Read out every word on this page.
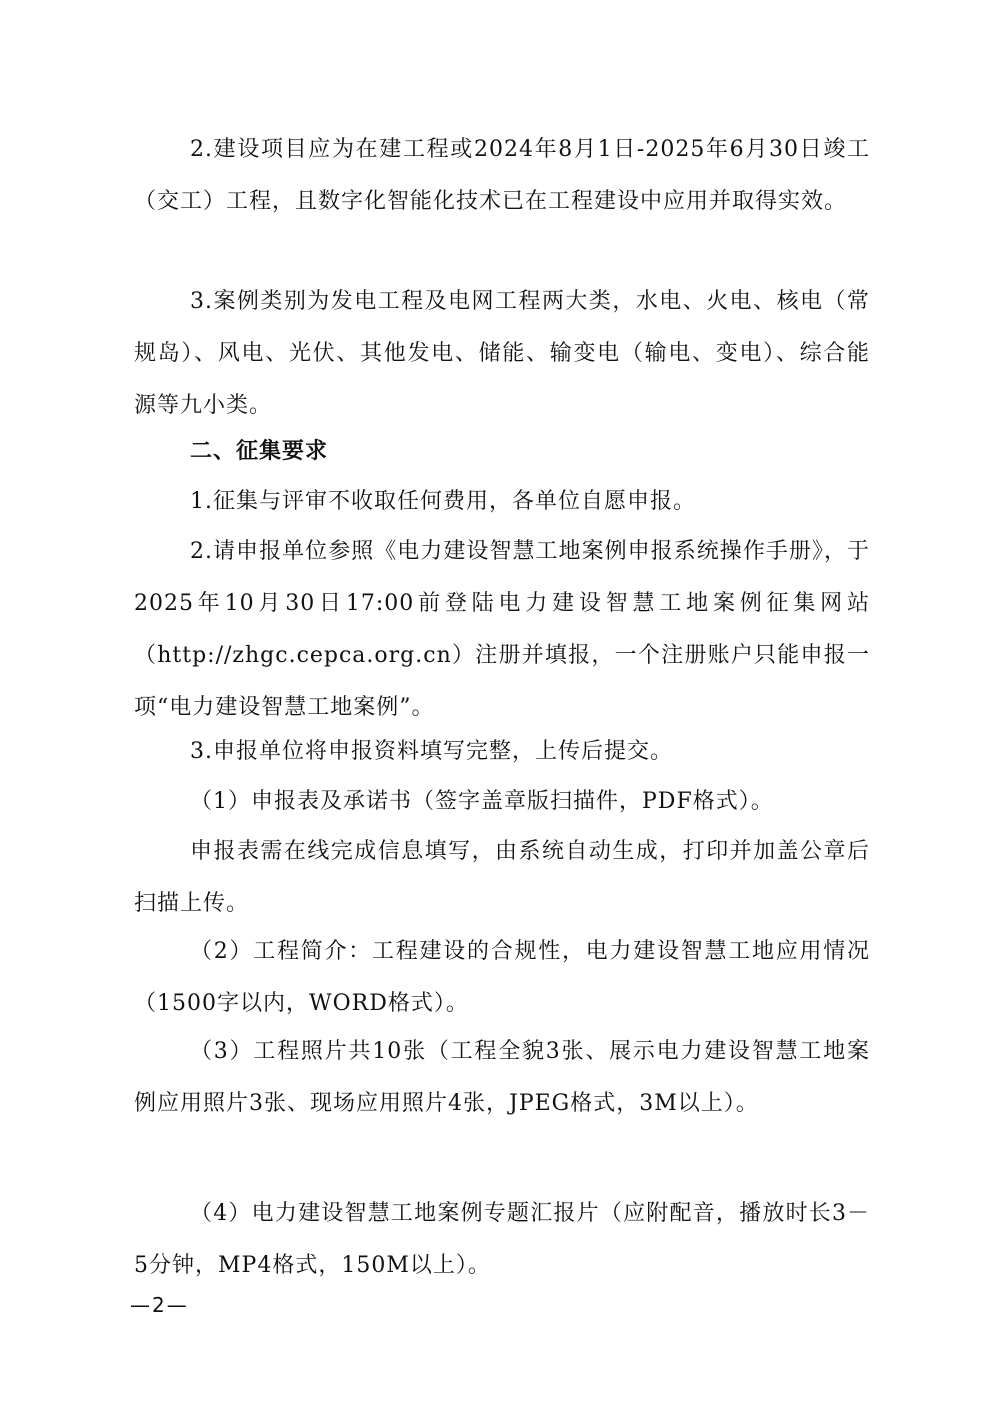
2.建设项目应为在建工程或2024年8月1日-2025年6月30日竣工（交工）工程，且数字化智能化技术已在工程建设中应用并取得实效。

3.案例类别为发电工程及电网工程两大类，水电、火电、核电（常规岛）、风电、光伏、其他发电、储能、输变电（输电、变电）、综合能源等九小类。

二、征集要求

1.征集与评审不收取任何费用，各单位自愿申报。

2.请申报单位参照《电力建设智慧工地案例申报系统操作手册》，于2025年10月30日17:00前登陆电力建设智慧工地案例征集网站（http://zhgc.cepca.org.cn）注册并填报，一个注册账户只能申报一项“电力建设智慧工地案例”。

3.申报单位将申报资料填写完整，上传后提交。

（1）申报表及承诺书（签字盖章版扫描件，PDF格式）。

申报表需在线完成信息填写，由系统自动生成，打印并加盖公章后扫描上传。

（2）工程简介：工程建设的合规性，电力建设智慧工地应用情况（1500字以内，WORD格式）。

（3）工程照片共10张（工程全貌3张、展示电力建设智慧工地案例应用照片3张、现场应用照片4张，JPEG格式，3M以上）。

（4）电力建设智慧工地案例专题汇报片（应附配音，播放时长3－5分钟，MP4格式，150M以上）。

—2—
